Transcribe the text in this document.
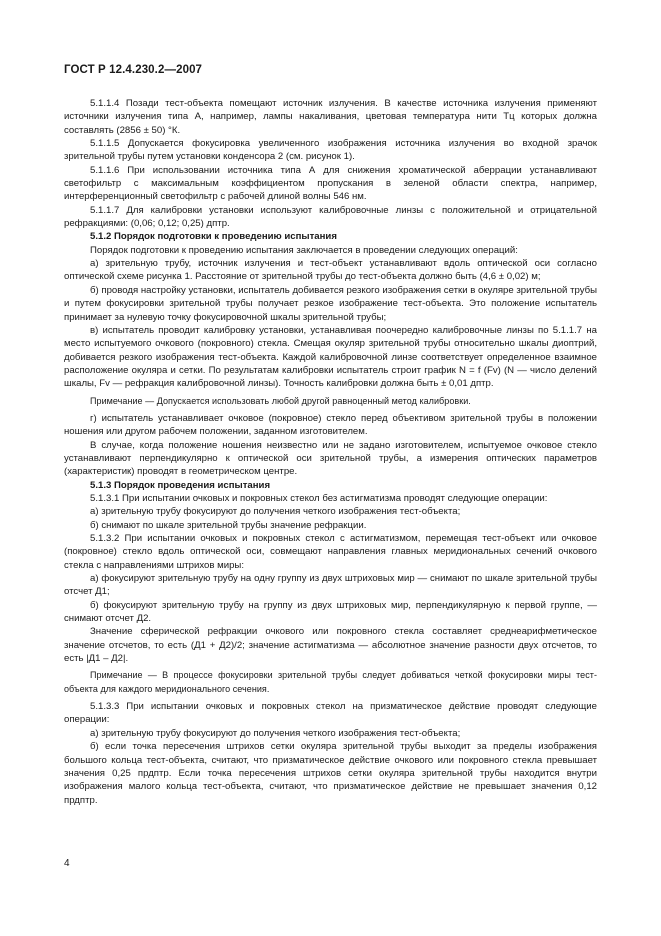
ГОСТ Р 12.4.230.2—2007

5.1.1.4 Позади тест-объекта помещают источник излучения. В качестве источника излучения применяют источники излучения типа А, например, лампы накаливания, цветовая температура нити Tц которых должна составлять (2856 ± 50) °К.

5.1.1.5 Допускается фокусировка увеличенного изображения источника излучения во входной зрачок зрительной трубы путем установки конденсора 2 (см. рисунок 1).

5.1.1.6 При использовании источника типа А для снижения хроматической аберрации устанавливают светофильтр с максимальным коэффициентом пропускания в зеленой области спектра, например, интерференционный светофильтр с рабочей длиной волны 546 нм.

5.1.1.7 Для калибровки установки используют калибровочные линзы с положительной и отрицательной рефракциями: (0,06; 0,12; 0,25) дптр.

5.1.2 Порядок подготовки к проведению испытания

Порядок подготовки к проведению испытания заключается в проведении следующих операций:

а) зрительную трубу, источник излучения и тест-объект устанавливают вдоль оптической оси согласно оптической схеме рисунка 1. Расстояние от зрительной трубы до тест-объекта должно быть (4,6 ± 0,02) м;

б) проводя настройку установки, испытатель добивается резкого изображения сетки в окуляре зрительной трубы и путем фокусировки зрительной трубы получает резкое изображение тест-объекта. Это положение испытатель принимает за нулевую точку фокусировочной шкалы зрительной трубы;

в) испытатель проводит калибровку установки, устанавливая поочередно калибровочные линзы по 5.1.1.7 на место испытуемого очкового (покровного) стекла. Смещая окуляр зрительной трубы относительно шкалы диоптрий, добивается резкого изображения тест-объекта. Каждой калибровочной линзе соответствует определенное взаимное расположение окуляра и сетки. По результатам калибровки испытатель строит график N = f (Fv) (N — число делений шкалы, Fv — рефракция калибровочной линзы). Точность калибровки должна быть ± 0,01 дптр.

Примечание — Допускается использовать любой другой равноценный метод калибровки.

г) испытатель устанавливает очковое (покровное) стекло перед объективом зрительной трубы в положении ношения или другом рабочем положении, заданном изготовителем.

В случае, когда положение ношения неизвестно или не задано изготовителем, испытуемое очковое стекло устанавливают перпендикулярно к оптической оси зрительной трубы, а измерения оптических параметров (характеристик) проводят в геометрическом центре.

5.1.3 Порядок проведения испытания

5.1.3.1 При испытании очковых и покровных стекол без астигматизма проводят следующие операции:

а) зрительную трубу фокусируют до получения четкого изображения тест-объекта;

б) снимают по шкале зрительной трубы значение рефракции.

5.1.3.2 При испытании очковых и покровных стекол с астигматизмом, перемещая тест-объект или очковое (покровное) стекло вдоль оптической оси, совмещают направления главных меридиональных сечений очкового стекла с направлениями штрихов миры:

а) фокусируют зрительную трубу на одну группу из двух штриховых мир — снимают по шкале зрительной трубы отсчет Д1;

б) фокусируют зрительную трубу на группу из двух штриховых мир, перпендикулярную к первой группе, — снимают отсчет Д2.

Значение сферической рефракции очкового или покровного стекла составляет среднеарифметическое значение отсчетов, то есть (Д1 + Д2)/2; значение астигматизма — абсолютное значение разности двух отсчетов, то есть |Д1 – Д2|.

Примечание — В процессе фокусировки зрительной трубы следует добиваться четкой фокусировки миры тест-объекта для каждого меридионального сечения.

5.1.3.3 При испытании очковых и покровных стекол на призматическое действие проводят следующие операции:

а) зрительную трубу фокусируют до получения четкого изображения тест-объекта;

б) если точка пересечения штрихов сетки окуляра зрительной трубы выходит за пределы изображения большого кольца тест-объекта, считают, что призматическое действие очкового или покровного стекла превышает значения 0,25 прдптр. Если точка пересечения штрихов сетки окуляра зрительной трубы находится внутри изображения малого кольца тест-объекта, считают, что призматическое действие не превышает значения 0,12 прдптр.

4
